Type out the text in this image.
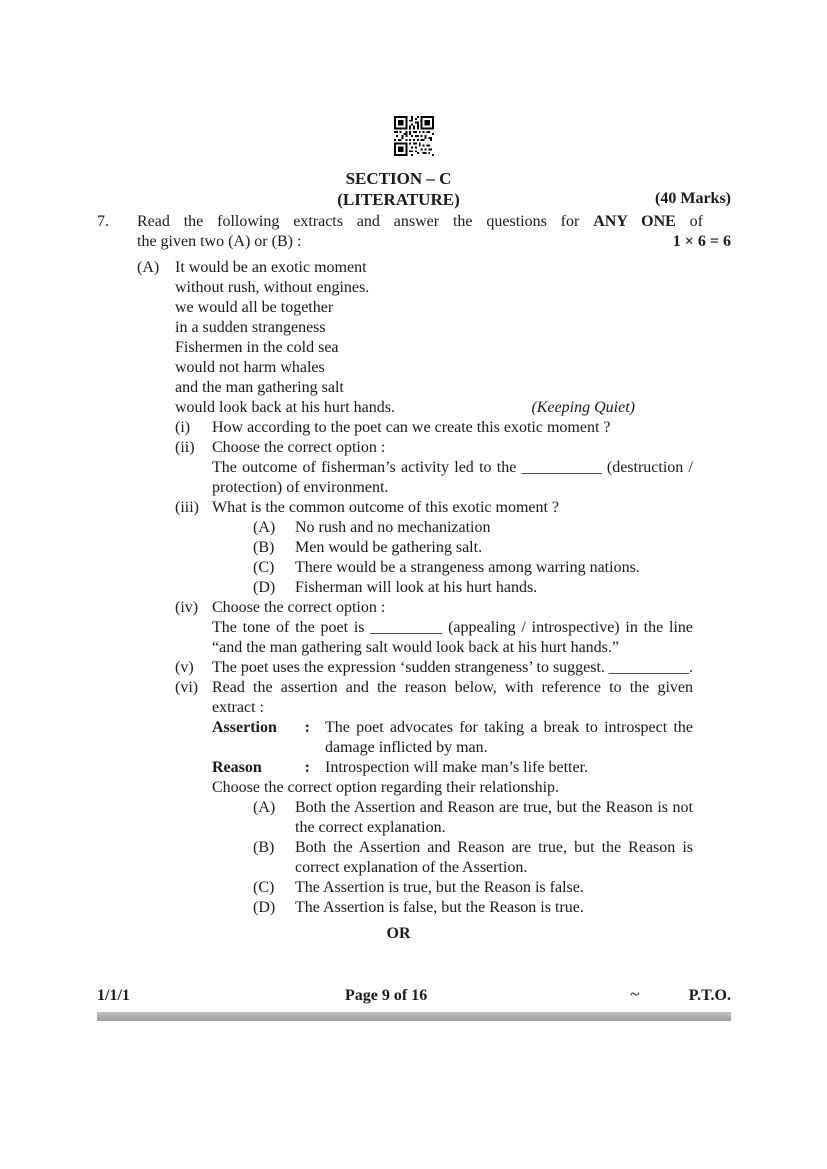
SECTION – C
(LITERATURE)	(40 Marks)
7.
1 × 6 = 6
Read the following extracts and answer the questions for ANY ONE of
the given two (A) or (B) :
(A) It would be an exotic moment
without rush, without engines.
we would all be together
in a sudden strangeness
Fishermen in the cold sea
would not harm whales
and the man gathering salt
would look back at his hurt hands.	(Keeping Quiet)
(i)	How according to the poet can we create this exotic moment ?
(ii)	Choose the correct option :
The outcome of fisherman’s activity led to the __________ (destruction / protection) of environment.
(iii) What is the common outcome of this exotic moment ?
(A)	No rush and no mechanization
(B)	Men would be gathering salt.
(C)	There would be a strangeness among warring nations.
(D)	Fisherman will look at his hurt hands.
(iv) Choose the correct option :
The tone of the poet is _________ (appealing / introspective) in the line “and the man gathering salt would look back at his hurt hands.”
(v)	The poet uses the expression ‘sudden strangeness’ to suggest. __________.
(vi) Read the assertion and the reason below, with reference to the given extract :
Assertion : The poet advocates for taking a break to introspect the damage inflicted by man.
Reason	: Introspection will make man’s life better.
Choose the correct option regarding their relationship.
(A)	Both the Assertion and Reason are true, but the Reason is not the correct explanation.
(B)	Both the Assertion and Reason are true, but the Reason is correct explanation of the Assertion.
(C)	The Assertion is true, but the Reason is false.
(D)	The Assertion is false, but the Reason is true.
OR
1/1/1	Page 9 of 16	~	P.T.O.
